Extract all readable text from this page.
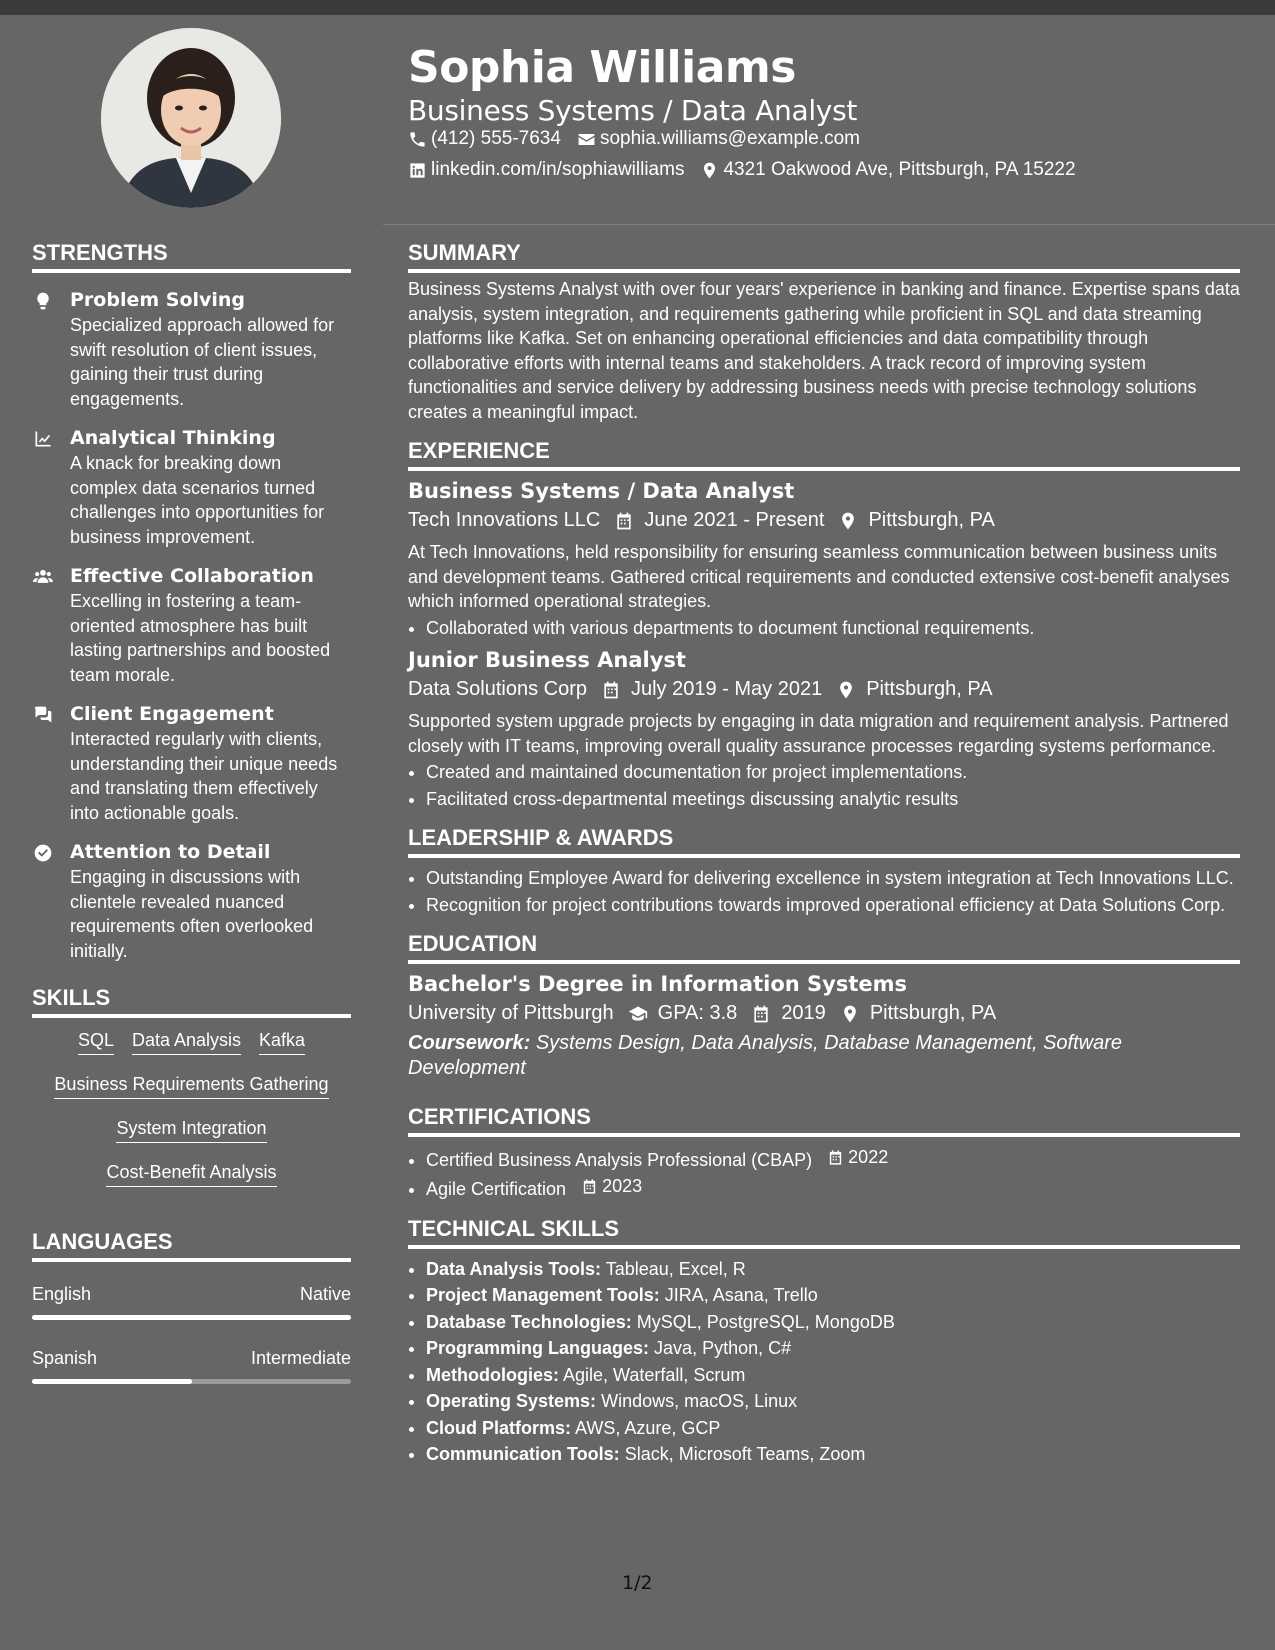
Sophia Williams
Business Systems / Data Analyst
(412) 555-7634 sophia.williams@example.com
linkedin.com/in/sophiawilliams 4321 Oakwood Ave, Pittsburgh, PA 15222
STRENGTHS
Problem Solving
Specialized approach allowed for swift resolution of client issues, gaining their trust during engagements.
Analytical Thinking
A knack for breaking down complex data scenarios turned challenges into opportunities for business improvement.
Effective Collaboration
Excelling in fostering a team-oriented atmosphere has built lasting partnerships and boosted team morale.
Client Engagement
Interacted regularly with clients, understanding their unique needs and translating them effectively into actionable goals.
Attention to Detail
Engaging in discussions with clientele revealed nuanced requirements often overlooked initially.
SKILLS
SQL Data Analysis Kafka
Business Requirements Gathering
System Integration
Cost-Benefit Analysis
LANGUAGES
English	Native
Spanish	Intermediate
SUMMARY

Business Systems Analyst with over four years' experience in banking and finance. Expertise spans data analysis, system integration, and requirements gathering while proficient in SQL and data streaming platforms like Kafka. Set on enhancing operational efficiencies and data compatibility through collaborative efforts with internal teams and stakeholders. A track record of improving system functionalities and service delivery by addressing business needs with precise technology solutions creates a meaningful impact.

EXPERIENCE
Business Systems / Data Analyst
Tech Innovations LLC June 2021 - Present Pittsburgh, PA

At Tech Innovations, held responsibility for ensuring seamless communication between business units and development teams. Gathered critical requirements and conducted extensive cost-benefit analyses which informed operational strategies.

• Collaborated with various departments to document functional requirements.
Junior Business Analyst
Data Solutions Corp July 2019 - May 2021 Pittsburgh, PA

Supported system upgrade projects by engaging in data migration and requirement analysis. Partnered closely with IT teams, improving overall quality assurance processes regarding systems performance.

• Created and maintained documentation for project implementations.
• Facilitated cross-departmental meetings discussing analytic results
LEADERSHIP & AWARDS
• Outstanding Employee Award for delivering excellence in system integration at Tech Innovations LLC.
• Recognition for project contributions towards improved operational efficiency at Data Solutions Corp.
EDUCATION
Bachelor's Degree in Information Systems
University of Pittsburgh GPA: 3.8 2019 Pittsburgh, PA
Coursework: Systems Design, Data Analysis, Database Management, Software Development
CERTIFICATIONS
• Certified Business Analysis Professional (CBAP) 2022
• Agile Certification 2023
TECHNICAL SKILLS
• Data Analysis Tools: Tableau, Excel, R
• Project Management Tools: JIRA, Asana, Trello
• Database Technologies: MySQL, PostgreSQL, MongoDB
• Programming Languages: Java, Python, C#
• Methodologies: Agile, Waterfall, Scrum
• Operating Systems: Windows, macOS, Linux
• Cloud Platforms: AWS, Azure, GCP
• Communication Tools: Slack, Microsoft Teams, Zoom
1/2
